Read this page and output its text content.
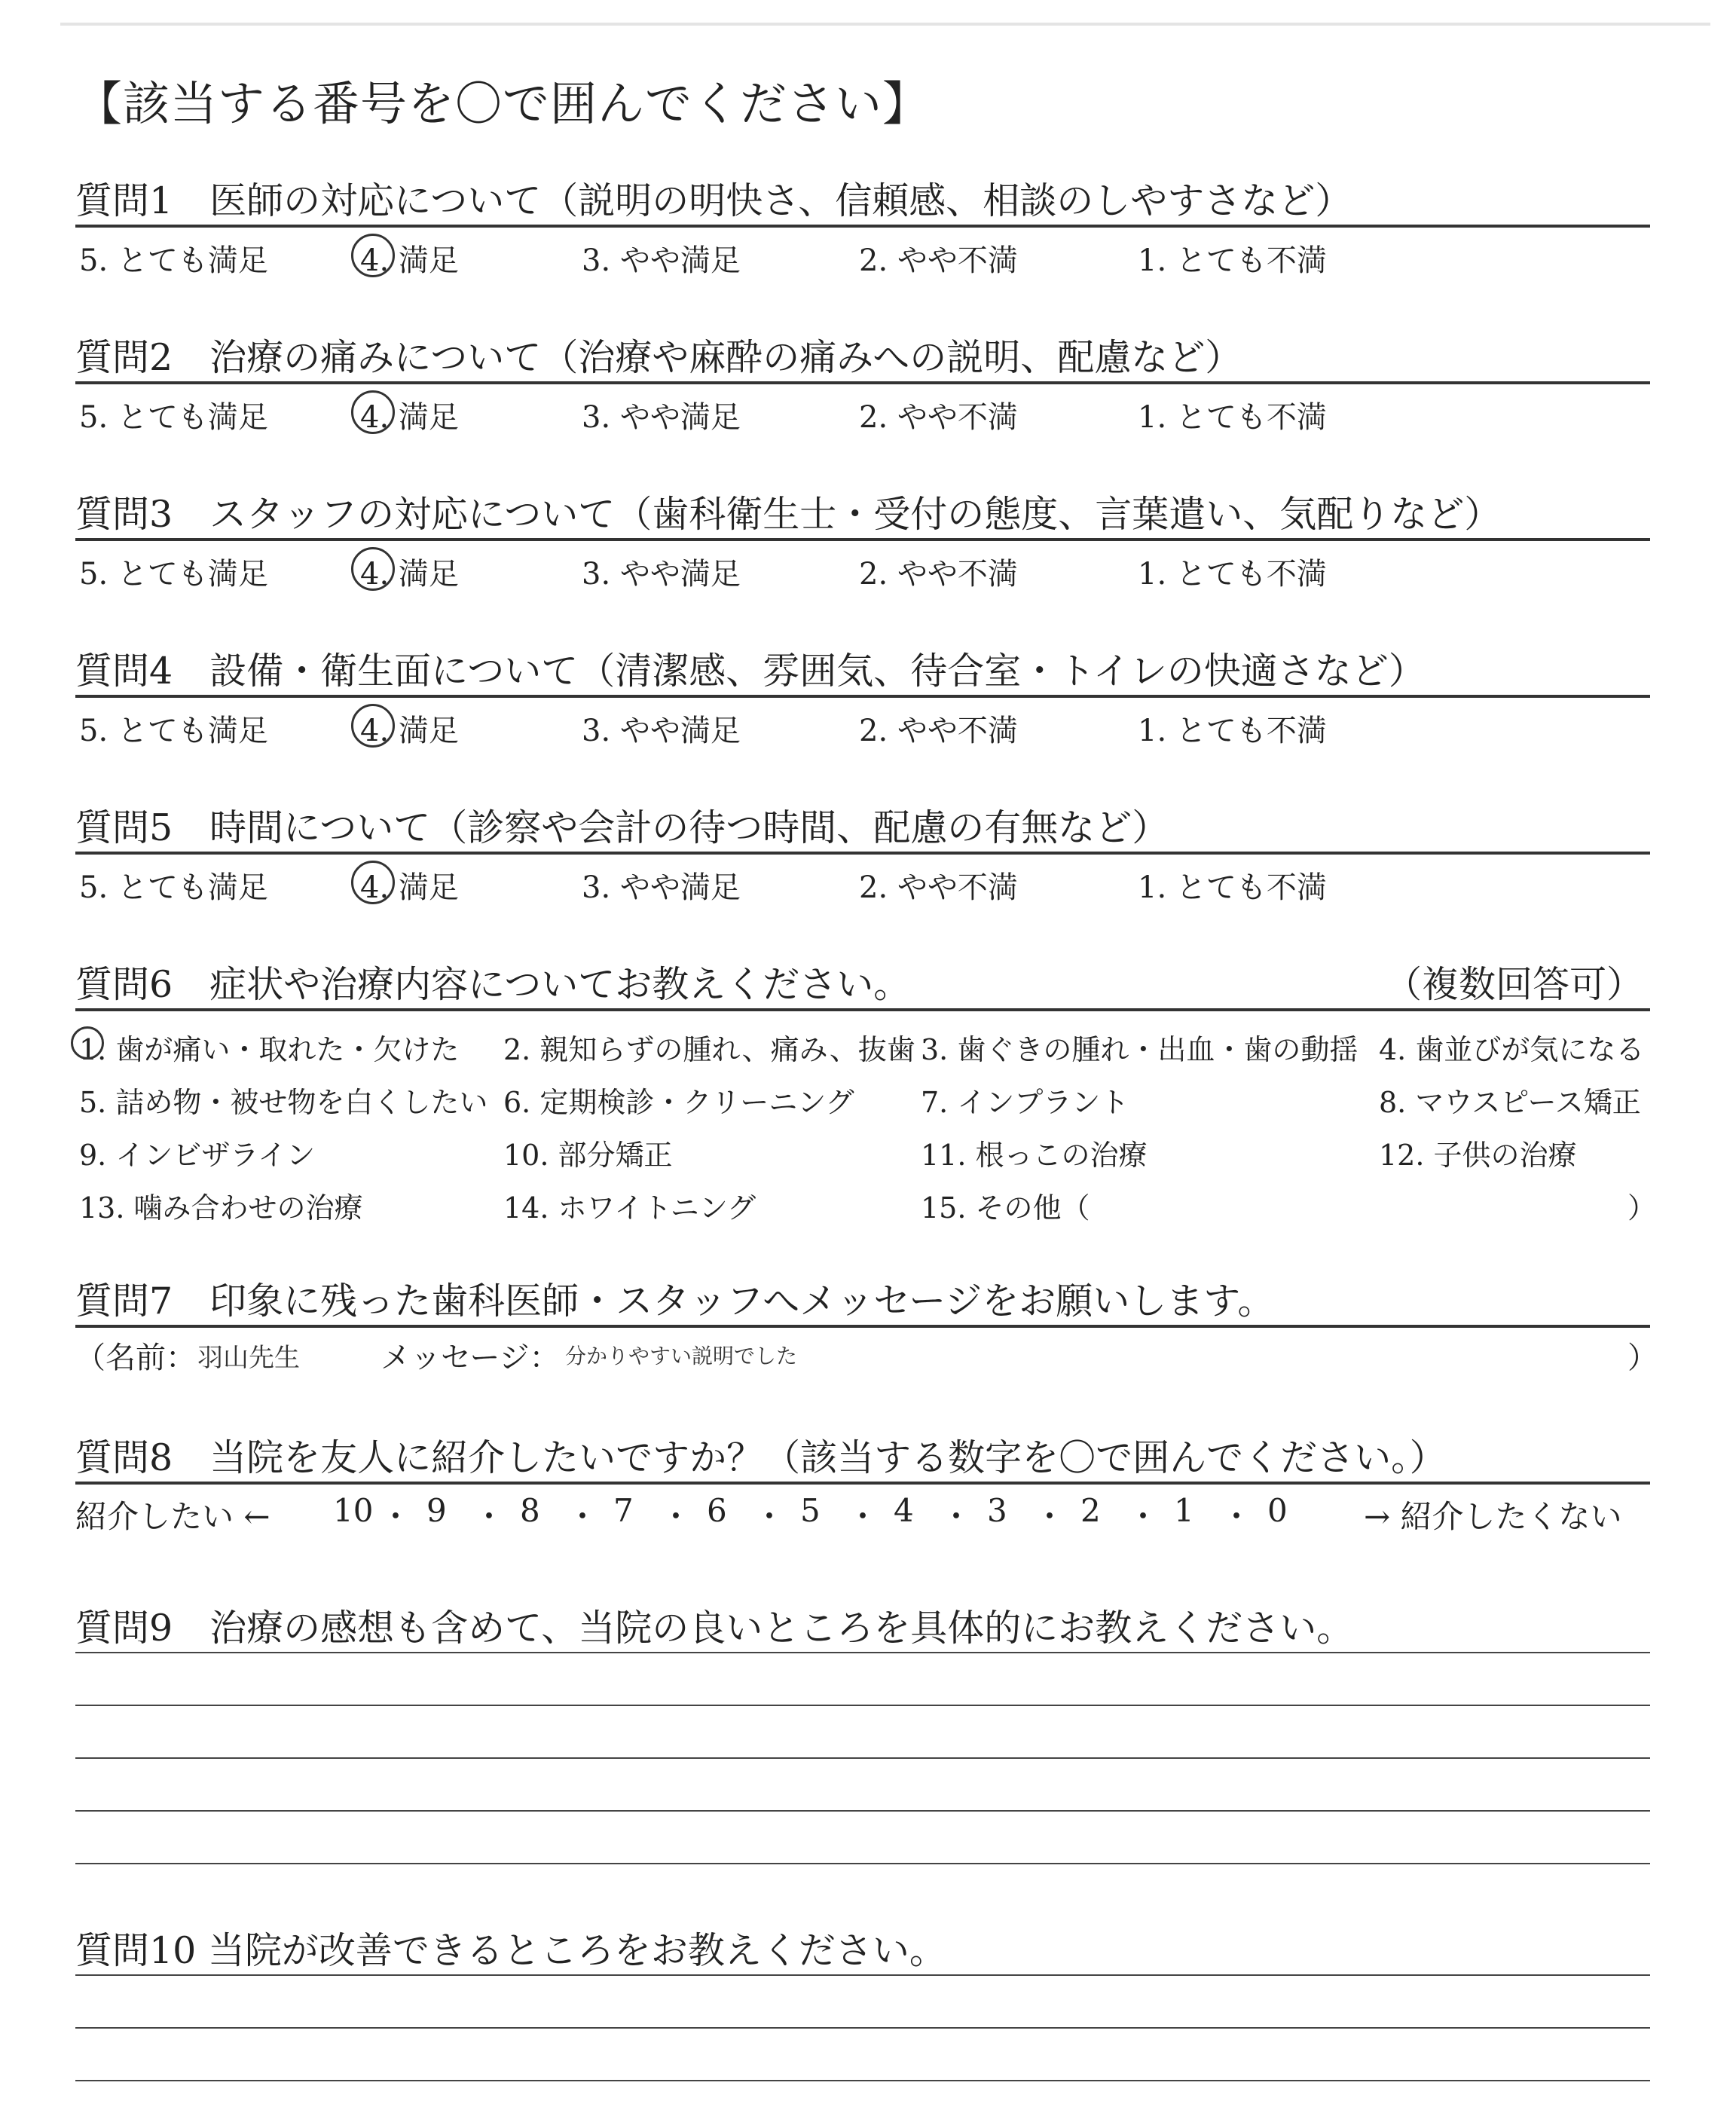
【該当する番号を〇で囲んでください】
質問1　医師の対応について（説明の明快さ、信頼感、相談のしやすさなど）
5. とても満足	4. 満足	3. やや満足	2. やや不満	1. とても不満
質問2　治療の痛みについて（治療や麻酔の痛みへの説明、配慮など）
5. とても満足	4. 満足	3. やや満足	2. やや不満	1. とても不満
質問3　スタッフの対応について（歯科衛生士・受付の態度、言葉遣い、気配りなど）
5. とても満足	4. 満足	3. やや満足	2. やや不満	1. とても不満
質問4　設備・衛生面について（清潔感、雰囲気、待合室・トイレの快適さなど）
5. とても満足	4. 満足	3. やや満足	2. やや不満	1. とても不満
質問5　時間について（診察や会計の待つ時間、配慮の有無など）
5. とても満足	4. 満足	3. やや満足	2. やや不満	1. とても不満
質問6　症状や治療内容についてお教えください。	（複数回答可）
1. 歯が痛い・取れた・欠けた 2. 親知らずの腫れ、痛み、抜歯 3. 歯ぐきの腫れ・出血・歯の動揺 4. 歯並びが気になる
5. 詰め物・被せ物を白くしたい 6. 定期検診・クリーニング 7. インプラント	8. マウスピース矯正
9. インビザライン	10. 部分矯正	11. 根っこの治療	12. 子供の治療
13. 噛み合わせの治療	14. ホワイトニング	15. その他（	）
質問7　印象に残った歯科医師・スタッフへメッセージをお願いします。
（名前： 羽山先生	メッセージ： 分かりやすい説明でした	）
質問8　当院を友人に紹介したいですか？（該当する数字を〇で囲んでください。）
紹介したい ← 10 ・ 9 ・ 8 ・ 7 ・ 6 ・ 5 ・ 4 ・ 3 ・ 2 ・ 1 ・ 0 → 紹介したくない
質問9　治療の感想も含めて、当院の良いところを具体的にお教えください。
質問10 当院が改善できるところをお教えください。
